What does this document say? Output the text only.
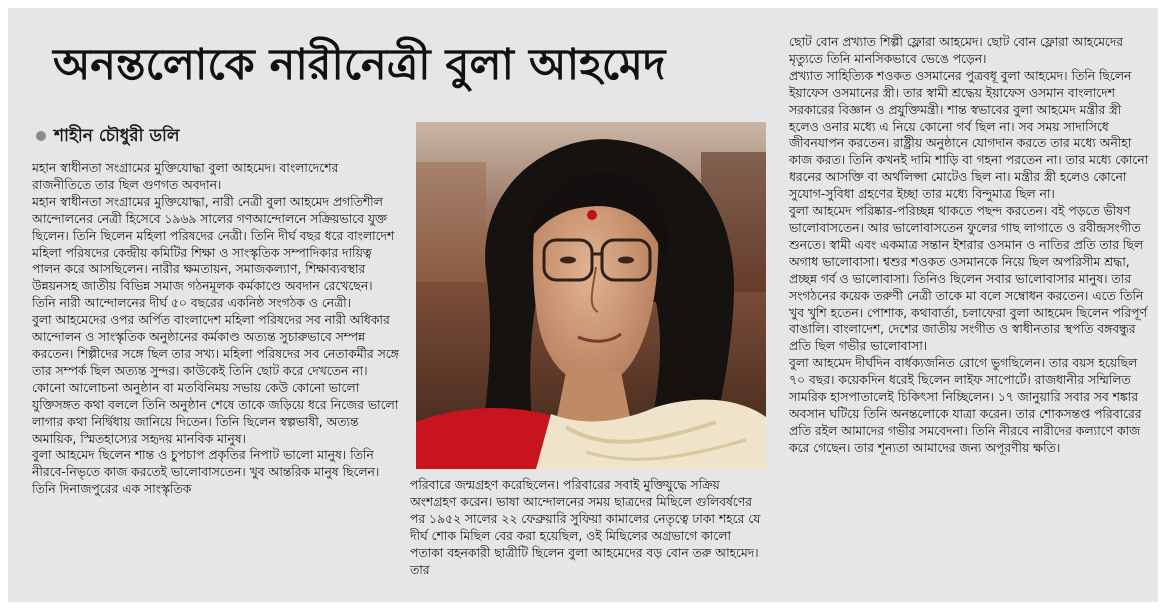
অনন্তলোকে নারীনেত্রী বুলা আহমেদ
শাহীন চৌধুরী ডলি

মহান স্বাধীনতা সংগ্রামের মুক্তিযোদ্ধা বুলা আহমেদ। বাংলাদেশের রাজনীতিতে তার ছিল গুণগত অবদান।

মহান স্বাধীনতা সংগ্রামের মুক্তিযোদ্ধা, নারী নেত্রী বুলা আহমেদ প্রগতিশীল আন্দোলনের নেত্রী হিসেবে ১৯৬৯ সালের গণআন্দোলনে সক্রিয়ভাবে যুক্ত ছিলেন। তিনি ছিলেন মহিলা পরিষদের নেত্রী। তিনি দীর্ঘ বছর ধরে বাংলাদেশ মহিলা পরিষদের কেন্দ্রীয় কমিটির শিক্ষা ও সাংস্কৃতিক সম্পাদিকার দায়িত্ব পালন করে আসছিলেন। নারীর ক্ষমতায়ন, সমাজকল্যাণ, শিক্ষাব্যবস্থার উন্নয়নসহ জাতীয় বিভিন্ন সমাজ গঠনমূলক কর্মকাণ্ডে অবদান রেখেছেন। তিনি নারী আন্দোলনের দীর্ঘ ৫০ বছরের একনিষ্ঠ সংগঠক ও নেত্রী।

বুলা আহমেদের ওপর অর্পিত বাংলাদেশ মহিলা পরিষদের সব নারী অধিকার আন্দোলন ও সাংস্কৃতিক অনুষ্ঠানের কর্মকাণ্ড অত্যন্ত সুচারুভাবে সম্পন্ন করতেন। শিল্পীদের সঙ্গে ছিল তার সখ্য। মহিলা পরিষদের সব নেতাকর্মীর সঙ্গে তার সম্পর্ক ছিল অত্যন্ত সুন্দর। কাউকেই তিনি ছোট করে দেখতেন না।

কোনো আলোচনা অনুষ্ঠান বা মতবিনিময় সভায় কেউ কোনো ভালো যুক্তিসঙ্গত কথা বললে তিনি অনুষ্ঠান শেষে তাকে জড়িয়ে ধরে নিজের ভালো লাগার কথা নির্দ্বিধায় জানিয়ে দিতেন। তিনি ছিলেন স্বল্পভাষী, অত্যন্ত অমায়িক, স্মিতহাস্যের সহৃদয় মানবিক মানুষ।

বুলা আহমেদ ছিলেন শান্ত ও চুপচাপ প্রকৃতির নিপাট ভালো মানুষ। তিনি নীরবে-নিভৃতে কাজ করতেই ভালোবাসতেন। খুব আন্তরিক মানুষ ছিলেন। তিনি দিনাজপুরের এক সাংস্কৃতিক	পরিবারে জন্মগ্রহণ করেছিলেন। পরিবারের সবাই মুক্তিযুদ্ধে সক্রিয় অংশগ্রহণ করেন। ভাষা আন্দোলনের সময় ছাত্রদের মিছিলে গুলিবর্ষণের পর ১৯৫২ সালের ২২ ফেব্রুয়ারি সুফিয়া কামালের নেতৃত্বে ঢাকা শহরে যে দীর্ঘ শোক মিছিল বের করা হয়েছিল, ওই মিছিলের অগ্রভাগে কালো পতাকা বহনকারী ছাত্রীটি ছিলেন বুলা আহমেদের বড় বোন তরু আহমেদ। তার

ছোট বোন প্রখ্যাত শিল্পী ফ্লোরা আহমেদ। ছোট বোন ফ্লোরা আহমেদের মৃত্যুতে তিনি মানসিকভাবে ভেঙে পড়েন।

প্রখ্যাত সাহিত্যিক শওকত ওসমানের পুত্রবধূ বুলা আহমেদ। তিনি ছিলেন ইয়াফেস ওসমানের স্ত্রী। তার স্বামী শ্রদ্ধেয় ইয়াফেস ওসমান বাংলাদেশ সরকারের বিজ্ঞান ও প্রযুক্তিমন্ত্রী। শান্ত স্বভাবের বুলা আহমেদ মন্ত্রীর স্ত্রী হলেও ওনার মধ্যে এ নিয়ে কোনো গর্ব ছিল না। সব সময় সাদাসিধে জীবনযাপন করতেন। রাষ্ট্রীয় অনুষ্ঠানে যোগদান করতে তার মধ্যে অনীহা কাজ করত। তিনি কখনই দামি শাড়ি বা গহনা পরতেন না। তার মধ্যে কোনো ধরনের আসক্তি বা অর্থলিপ্সা মোটেও ছিল না। মন্ত্রীর স্ত্রী হলেও কোনো সুযোগ-সুবিধা গ্রহণের ইচ্ছা তার মধ্যে বিন্দুমাত্র ছিল না।

বুলা আহমেদ পরিষ্কার-পরিচ্ছন্ন থাকতে পছন্দ করতেন। বই পড়তে ভীষণ ভালোবাসতেন। আর ভালোবাসতেন ফুলের গাছ লাগাতে ও রবীন্দ্রসংগীত শুনতে। স্বামী এবং একমাত্র সন্তান ইশরার ওসমান ও নাতির প্রতি তার ছিল অগাধ ভালোবাসা। শ্বশুর শওকত ওসমানকে নিয়ে ছিল অপরিসীম শ্রদ্ধা, প্রচ্ছন্ন গর্ব ও ভালোবাসা। তিনিও ছিলেন সবার ভালোবাসার মানুষ। তার সংগঠনের কয়েক তরুণী নেত্রী তাকে মা বলে সম্বোধন করতেন। এতে তিনি খুব খুশি হতেন। পোশাক, কথাবার্তা, চলাফেরা বুলা আহমেদ ছিলেন পরিপূর্ণ বাঙালি। বাংলাদেশ, দেশের জাতীয় সংগীত ও স্বাধীনতার স্থপতি বঙ্গবন্ধুর প্রতি ছিল গভীর ভালোবাসা।

বুলা আহমেদ দীর্ঘদিন বার্ধক্যজনিত রোগে ভুগছিলেন। তার বয়স হয়েছিল ৭০ বছর। কয়েকদিন ধরেই ছিলেন লাইফ সাপোর্টে। রাজধানীর সম্মিলিত সামরিক হাসপাতালেই চিকিৎসা নিচ্ছিলেন। ১৭ জানুয়ারি সবার সব শঙ্কার অবসান ঘটিয়ে তিনি অনন্তলোকে যাত্রা করেন। তার শোকসন্তপ্ত পরিবারের প্রতি রইল আমাদের গভীর সমবেদনা। তিনি নীরবে নারীদের কল্যাণে কাজ করে গেছেন। তার শূন্যতা আমাদের জন্য অপূরণীয় ক্ষতি।
